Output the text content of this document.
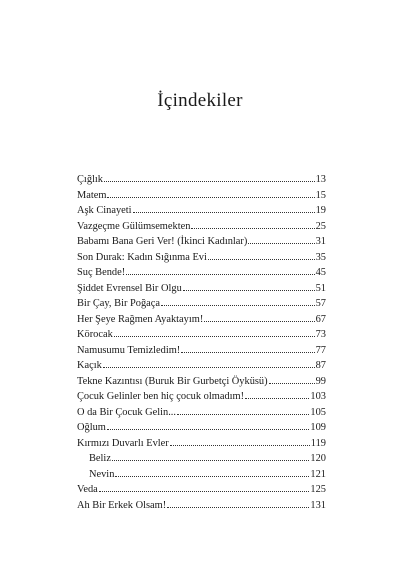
İçindekiler
Çığlık	13
Matem	15
Aşk Cinayeti	19
Vazgeçme Gülümsemekten	25
Babamı Bana Geri Ver! (İkinci Kadınlar)	31
Son Durak: Kadın Sığınma Evi	35
Suç Bende!	45
Şiddet Evrensel Bir Olgu	51
Bir Çay, Bir Poğaça	57
Her Şeye Rağmen Ayaktayım!	67
Körocak	73
Namusumu Temizledim!	77
Kaçık	87
Tekne Kazıntısı (Buruk Bir Gurbetçi Öyküsü)	99
Çocuk Gelinler ben hiç çocuk olmadım!	103
O da Bir Çocuk Gelin...	105
Oğlum	109
Kırmızı Duvarlı Evler	119
Beliz	120
Nevin	121
Veda	125
Ah Bir Erkek Olsam!	131
